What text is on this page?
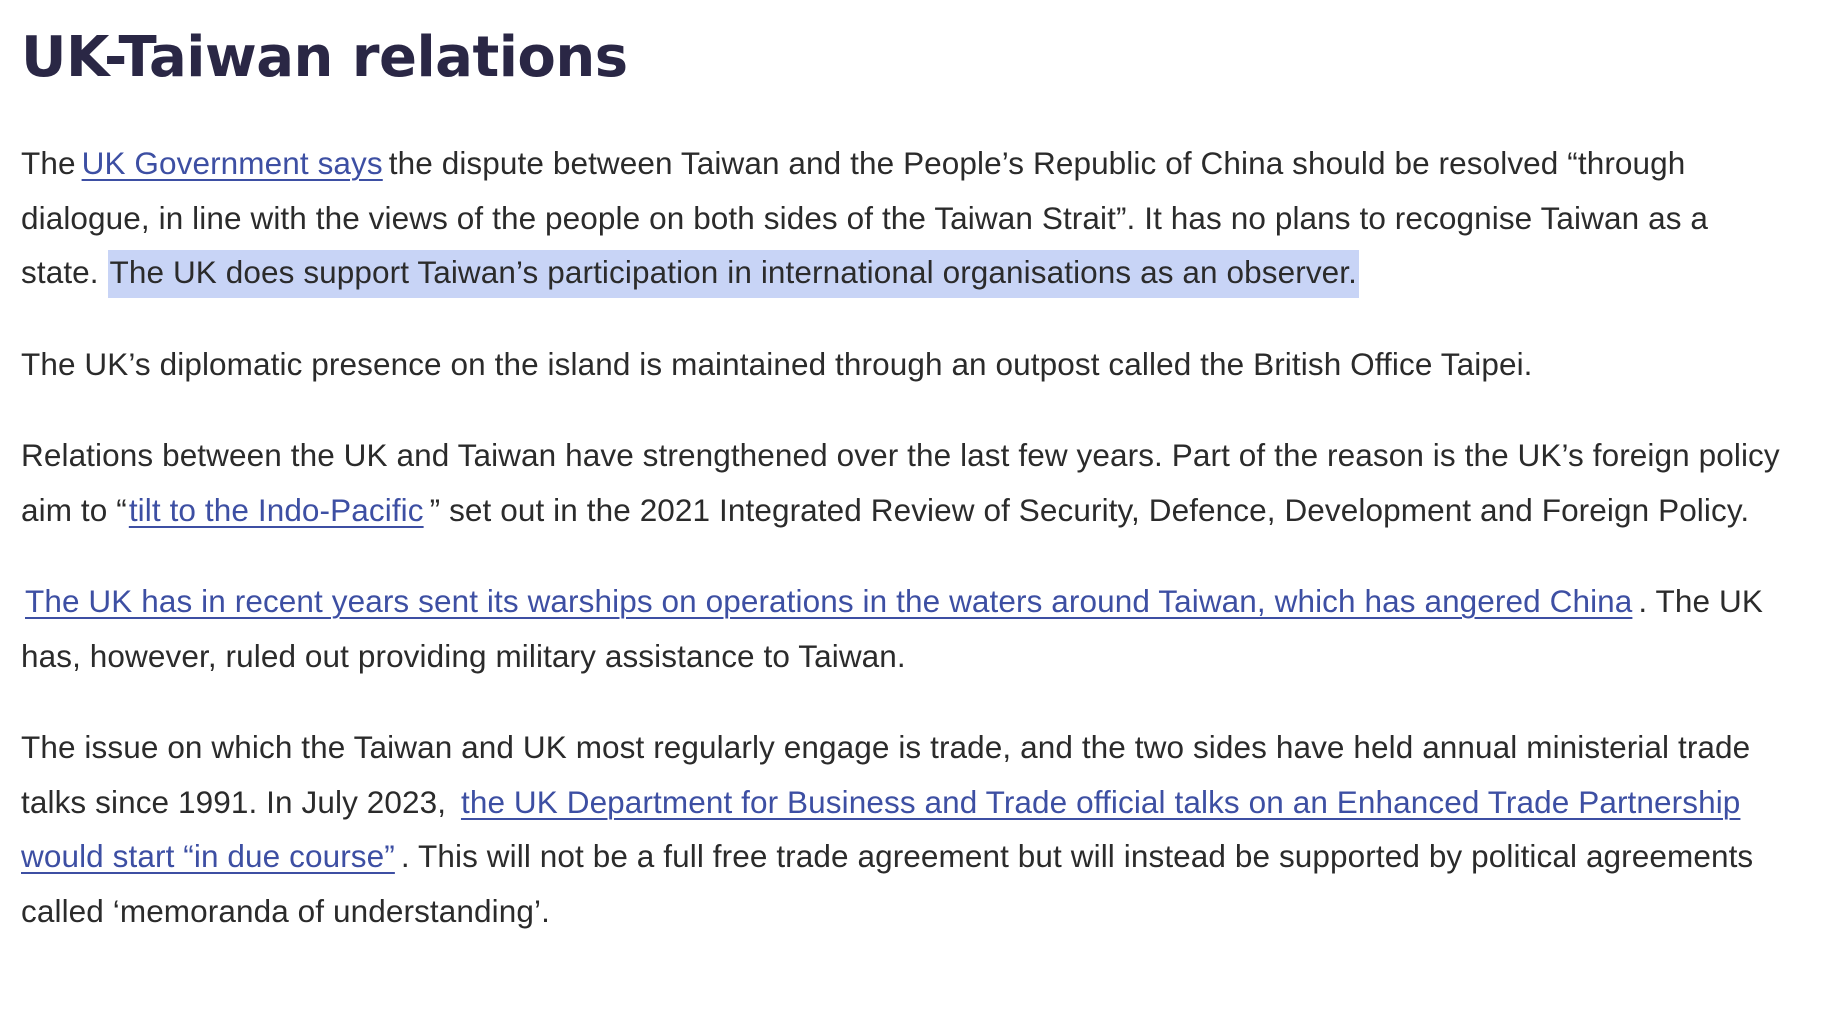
UK-Taiwan relations

The UK Government says the dispute between Taiwan and the People’s Republic of China should be resolved “through dialogue, in line with the views of the people on both sides of the Taiwan Strait”. It has no plans to recognise Taiwan as a state. The UK does support Taiwan’s participation in international organisations as an observer.

The UK’s diplomatic presence on the island is maintained through an outpost called the British Office Taipei.

Relations between the UK and Taiwan have strengthened over the last few years. Part of the reason is the UK’s foreign policy aim to “tilt to the Indo-Pacific ” set out in the 2021 Integrated Review of Security, Defence, Development and Foreign Policy.

The UK has in recent years sent its warships on operations in the waters around Taiwan, which has angered China . The UK has, however, ruled out providing military assistance to Taiwan.

The issue on which the Taiwan and UK most regularly engage is trade, and the two sides have held annual ministerial trade talks since 1991. In July 2023, the UK Department for Business and Trade official talks on an Enhanced Trade Partnership would start “in due course” . This will not be a full free trade agreement but will instead be supported by political agreements called ‘memoranda of understanding’.
